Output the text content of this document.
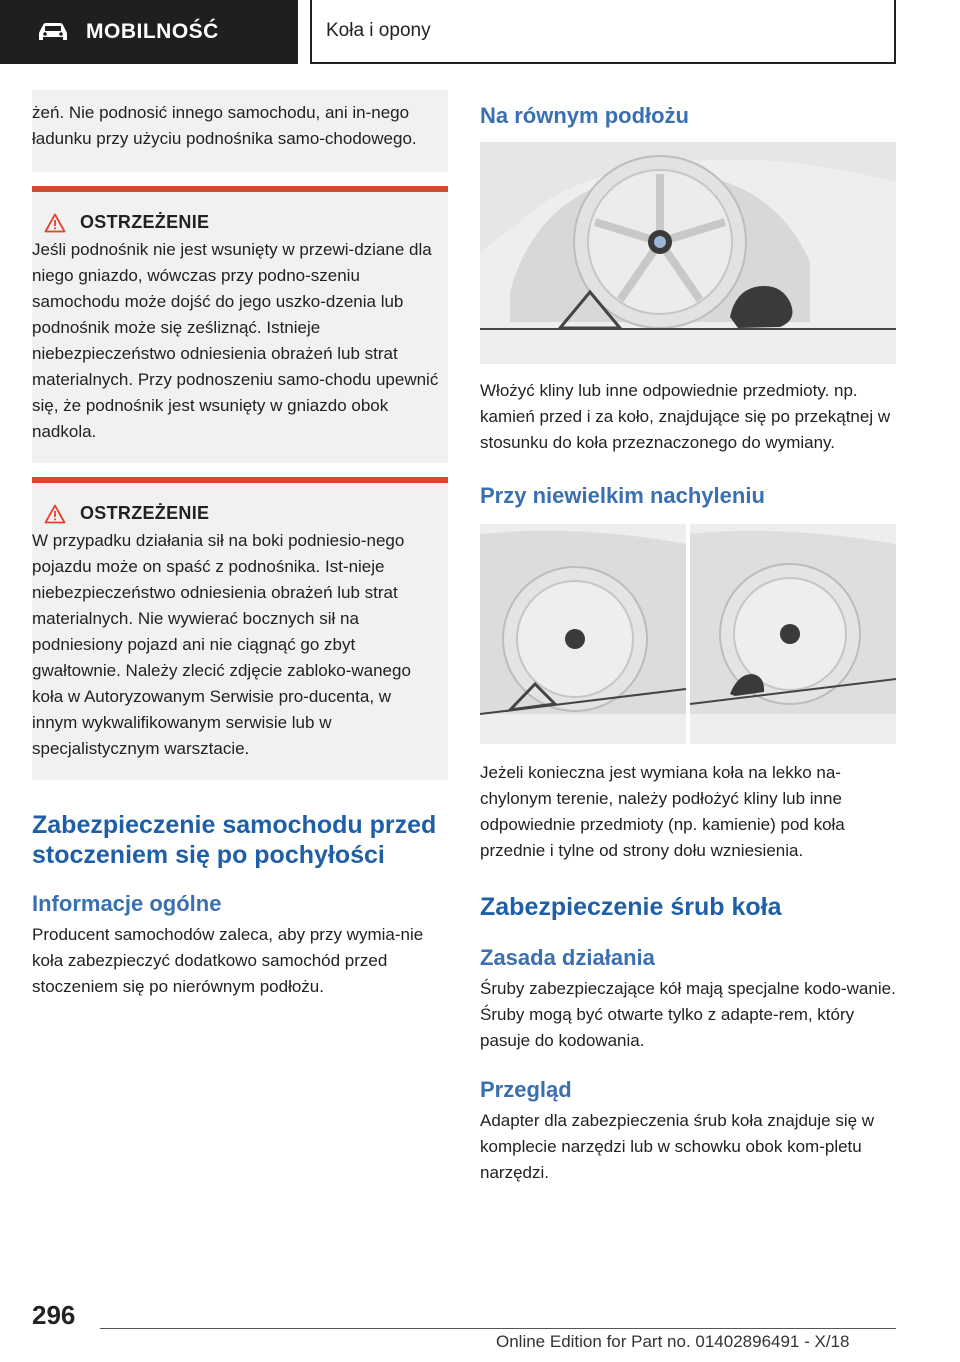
MOBILNOŚĆ	Koła i opony

żeń. Nie podnosić innego samochodu, ani in-nego ładunku przy użyciu podnośnika samo-chodowego.

OSTRZEŻENIE

Jeśli podnośnik nie jest wsunięty w przewi-dziane dla niego gniazdo, wówczas przy podno-szeniu samochodu może dojść do jego uszko-dzenia lub podnośnik może się ześliznąć. Istnieje niebezpieczeństwo odniesienia obrażeń lub strat materialnych. Przy podnoszeniu samo-chodu upewnić się, że podnośnik jest wsunięty w gniazdo obok nadkola.

OSTRZEŻENIE

W przypadku działania sił na boki podniesio-nego pojazdu może on spaść z podnośnika. Ist-nieje niebezpieczeństwo odniesienia obrażeń lub strat materialnych. Nie wywierać bocznych sił na podniesiony pojazd ani nie ciągnąć go zbyt gwałtownie. Należy zlecić zdjęcie zabloko-wanego koła w Autoryzowanym Serwisie pro-ducenta, w innym wykwalifikowanym serwisie lub w specjalistycznym warsztacie.

Zabezpieczenie samochodu przed stoczeniem się po pochyłości
Informacje ogólne

Producent samochodów zaleca, aby przy wymia-nie koła zabezpieczyć dodatkowo samochód przed stoczeniem się po nierównym podłożu.

Na równym podłożu

Włożyć kliny lub inne odpowiednie przedmioty. np. kamień przed i za koło, znajdujące się po przekątnej w stosunku do koła przeznaczonego do wymiany.

Przy niewielkim nachyleniu

Jeżeli konieczna jest wymiana koła na lekko na-chylonym terenie, należy podłożyć kliny lub inne odpowiednie przedmioty (np. kamienie) pod koła przednie i tylne od strony dołu wzniesienia.

Zabezpieczenie śrub koła
Zasada działania

Śruby zabezpieczające kół mają specjalne kodo-wanie. Śruby mogą być otwarte tylko z adapte-rem, który pasuje do kodowania.

Przegląd

Adapter dla zabezpieczenia śrub koła znajduje się w komplecie narzędzi lub w schowku obok kom-pletu narzędzi.

296
Online Edition for Part no. 01402896491 - X/18
